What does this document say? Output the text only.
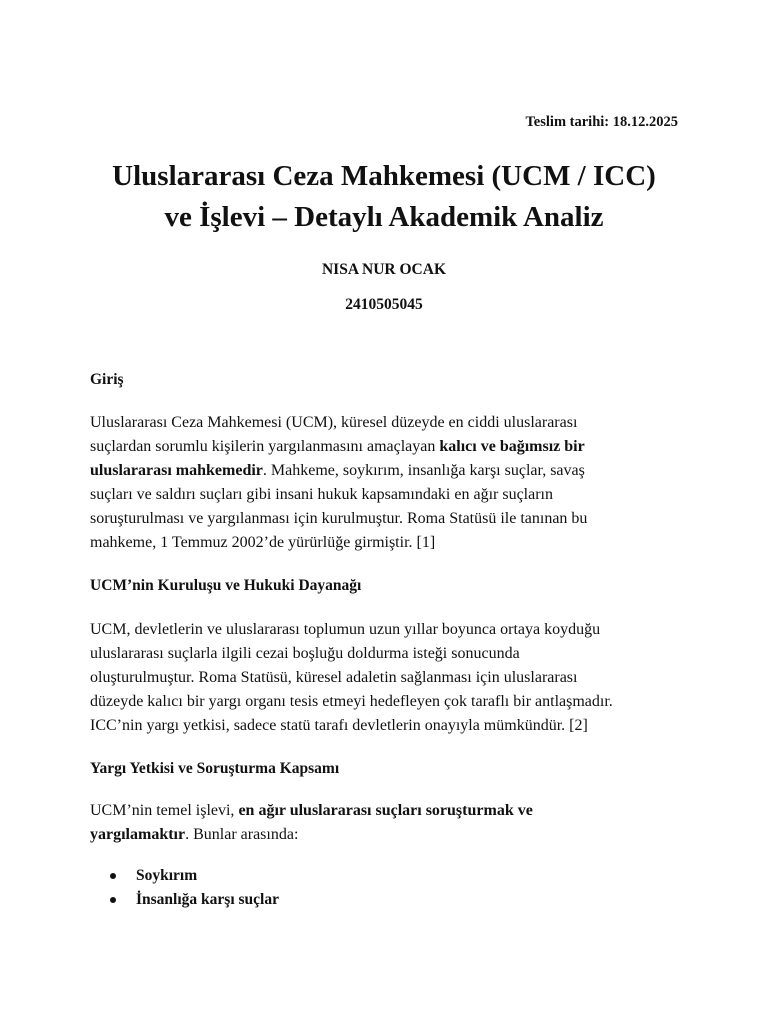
Teslim tarihi: 18.12.2025
Uluslararası Ceza Mahkemesi (UCM / ICC)
ve İşlevi – Detaylı Akademik Analiz
NISA NUR OCAK
2410505045
Giriş

Uluslararası Ceza Mahkemesi (UCM), küresel düzeyde en ciddi uluslararası
suçlardan sorumlu kişilerin yargılanmasını amaçlayan kalıcı ve bağımsız bir
uluslararası mahkemedir. Mahkeme, soykırım, insanlığa karşı suçlar, savaş
suçları ve saldırı suçları gibi insani hukuk kapsamındaki en ağır suçların
soruşturulması ve yargılanması için kurulmuştur. Roma Statüsü ile tanınan bu
mahkeme, 1 Temmuz 2002’de yürürlüğe girmiştir. [1]

UCM’nin Kuruluşu ve Hukuki Dayanağı

UCM, devletlerin ve uluslararası toplumun uzun yıllar boyunca ortaya koyduğu
uluslararası suçlarla ilgili cezai boşluğu doldurma isteği sonucunda
oluşturulmuştur. Roma Statüsü, küresel adaletin sağlanması için uluslararası
düzeyde kalıcı bir yargı organı tesis etmeyi hedefleyen çok taraflı bir antlaşmadır.
ICC’nin yargı yetkisi, sadece statü tarafı devletlerin onayıyla mümkündür. [2]

Yargı Yetkisi ve Soruşturma Kapsamı

UCM’nin temel işlevi, en ağır uluslararası suçları soruşturmak ve
yargılamaktır. Bunlar arasında:

Soykırım
İnsanlığa karşı suçlar
